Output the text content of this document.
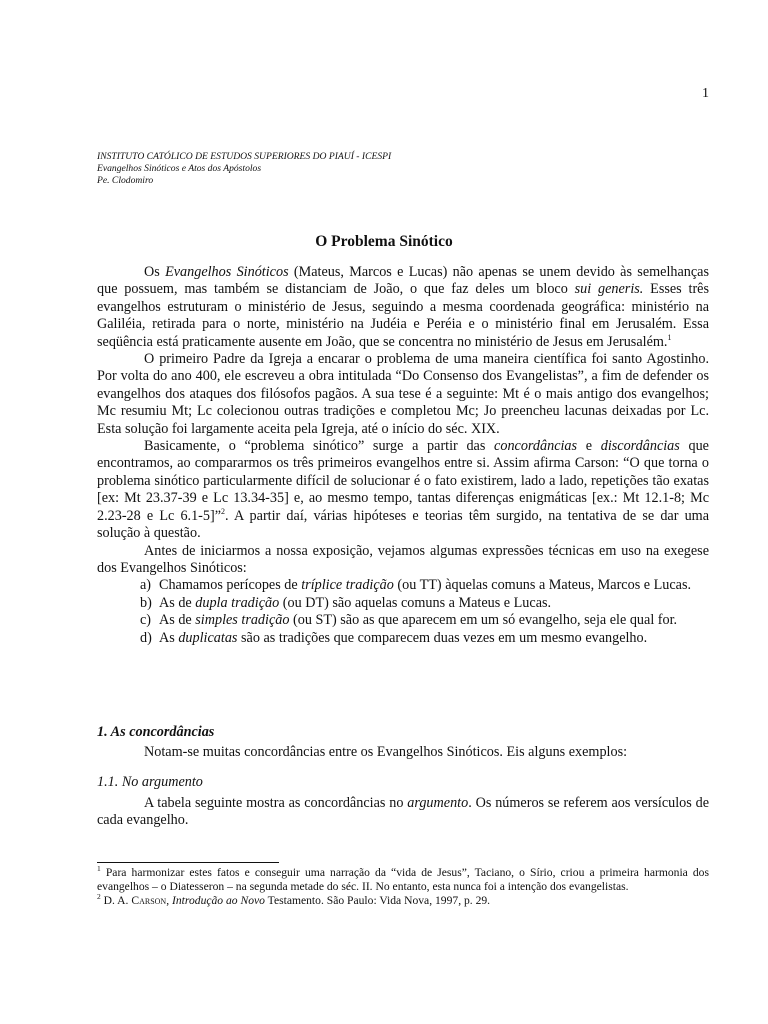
1
INSTITUTO CATÓLICO DE ESTUDOS SUPERIORES DO PIAUÍ - ICESPI
Evangelhos Sinóticos e Atos dos Apóstolos
Pe. Clodomiro
O Problema Sinótico

Os Evangelhos Sinóticos (Mateus, Marcos e Lucas) não apenas se unem devido às semelhanças que possuem, mas também se distanciam de João, o que faz deles um bloco sui generis. Esses três evangelhos estruturam o ministério de Jesus, seguindo a mesma coordenada geográfica: ministério na Galiléia, retirada para o norte, ministério na Judéia e Peréia e o ministério final em Jerusalém. Essa seqüência está praticamente ausente em João, que se concentra no ministério de Jesus em Jerusalém.$^1$

O primeiro Padre da Igreja a encarar o problema de uma maneira científica foi santo Agostinho. Por volta do ano 400, ele escreveu a obra intitulada “Do Consenso dos Evangelistas”, a fim de defender os evangelhos dos ataques dos filósofos pagãos. A sua tese é a seguinte: Mt é o mais antigo dos evangelhos; Mc resumiu Mt; Lc colecionou outras tradições e completou Mc; Jo preencheu lacunas deixadas por Lc. Esta solução foi largamente aceita pela Igreja, até o início do séc. XIX.

Basicamente, o “problema sinótico” surge a partir das concordâncias e discordâncias que encontramos, ao compararmos os três primeiros evangelhos entre si. Assim afirma Carson: “O que torna o problema sinótico particularmente difícil de solucionar é o fato existirem, lado a lado, repetições tão exatas [ex: Mt 23.37-39 e Lc 13.34-35] e, ao mesmo tempo, tantas diferenças enigmáticas [ex.: Mt 12.1-8; Mc 2.23-28 e Lc 6.1-5]”$^2$. A partir daí, várias hipóteses e teorias têm surgido, na tentativa de se dar uma solução à questão.

Antes de iniciarmos a nossa exposição, vejamos algumas expressões técnicas em uso na exegese dos Evangelhos Sinóticos:

a) Chamamos perícopes de tríplice tradição (ou TT) àquelas comuns a Mateus, Marcos e Lucas.
b) As de dupla tradição (ou DT) são aquelas comuns a Mateus e Lucas.
c) As de simples tradição (ou ST) são as que aparecem em um só evangelho, seja ele qual for.
d) As duplicatas são as tradições que comparecem duas vezes em um mesmo evangelho.
1. As concordâncias

Notam-se muitas concordâncias entre os Evangelhos Sinóticos. Eis alguns exemplos:

1.1. No argumento

A tabela seguinte mostra as concordâncias no argumento. Os números se referem aos versículos de cada evangelho.

$^1$ Para harmonizar estes fatos e conseguir uma narração da “vida de Jesus”, Taciano, o Sírio, criou a primeira harmonia dos evangelhos – o Diatesseron – na segunda metade do séc. II. No entanto, esta nunca foi a intenção dos evangelistas.

$^2$ D. A. Carson, Introdução ao Novo Testamento. São Paulo: Vida Nova, 1997, p. 29.
